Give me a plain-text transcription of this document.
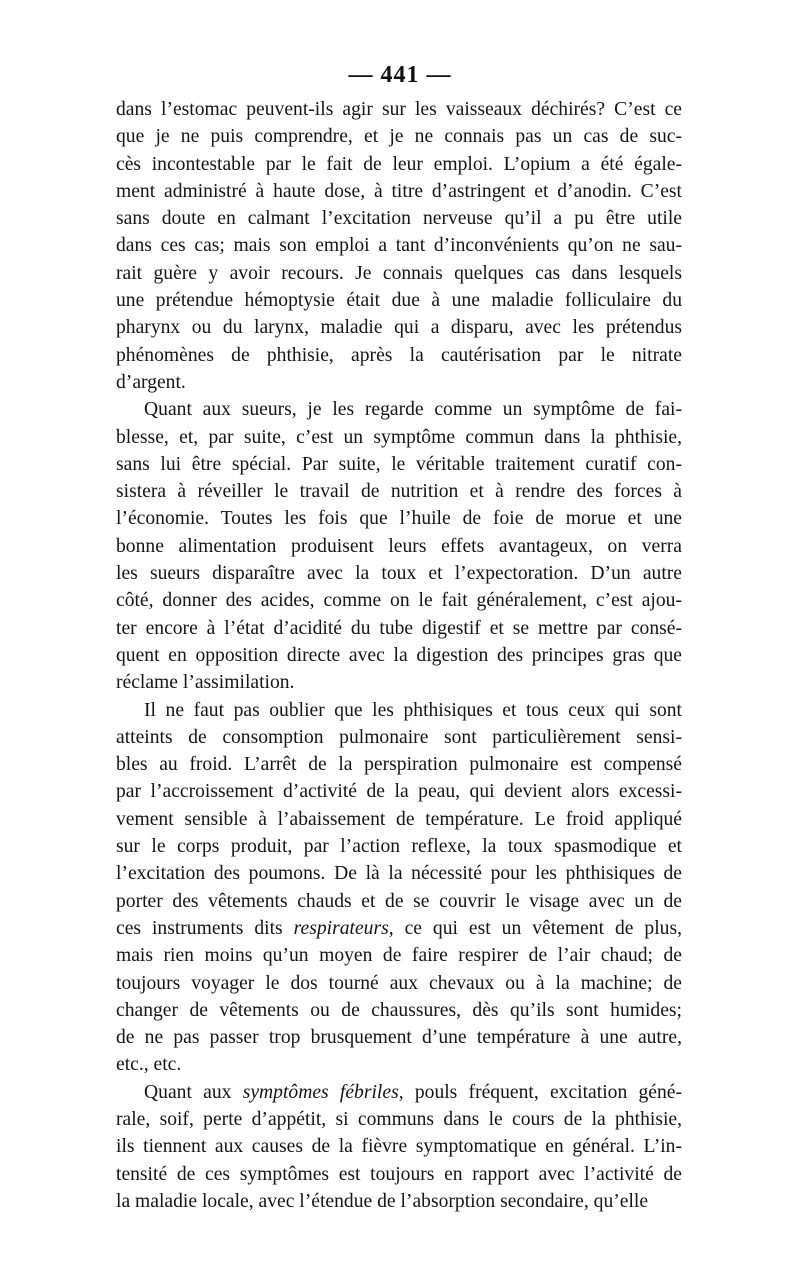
— 441 —
dans l’estomac peuvent-ils agir sur les vaisseaux déchirés? C’est ce
que je ne puis comprendre, et je ne connais pas un cas de suc-
cès incontestable par le fait de leur emploi. L’opium a été égale-
ment administré à haute dose, à titre d’astringent et d’anodin. C’est
sans doute en calmant l’excitation nerveuse qu’il a pu être utile
dans ces cas; mais son emploi a tant d’inconvénients qu’on ne sau-
rait guère y avoir recours. Je connais quelques cas dans lesquels
une prétendue hémoptysie était due à une maladie folliculaire du
pharynx ou du larynx, maladie qui a disparu, avec les prétendus
phénomènes de phthisie, après la cautérisation par le nitrate
d’argent.
Quant aux sueurs, je les regarde comme un symptôme de fai-
blesse, et, par suite, c’est un symptôme commun dans la phthisie,
sans lui être spécial. Par suite, le véritable traitement curatif con-
sistera à réveiller le travail de nutrition et à rendre des forces à
l’économie. Toutes les fois que l’huile de foie de morue et une
bonne alimentation produisent leurs effets avantageux, on verra
les sueurs disparaître avec la toux et l’expectoration. D’un autre
côté, donner des acides, comme on le fait généralement, c’est ajou-
ter encore à l’état d’acidité du tube digestif et se mettre par consé-
quent en opposition directe avec la digestion des principes gras que
réclame l’assimilation.
Il ne faut pas oublier que les phthisiques et tous ceux qui sont
atteints de consomption pulmonaire sont particulièrement sensi-
bles au froid. L’arrêt de la perspiration pulmonaire est compensé
par l’accroissement d’activité de la peau, qui devient alors excessi-
vement sensible à l’abaissement de température. Le froid appliqué
sur le corps produit, par l’action reflexe, la toux spasmodique et
l’excitation des poumons. De là la nécessité pour les phthisiques de
porter des vêtements chauds et de se couvrir le visage avec un de
ces instruments dits respirateurs, ce qui est un vêtement de plus,
mais rien moins qu’un moyen de faire respirer de l’air chaud; de
toujours voyager le dos tourné aux chevaux ou à la machine; de
changer de vêtements ou de chaussures, dès qu’ils sont humides;
de ne pas passer trop brusquement d’une température à une autre,
etc., etc.
Quant aux symptômes fébriles, pouls fréquent, excitation géné-
rale, soif, perte d’appétit, si communs dans le cours de la phthisie,
ils tiennent aux causes de la fièvre symptomatique en général. L’in-
tensité de ces symptômes est toujours en rapport avec l’activité de
la maladie locale, avec l’étendue de l’absorption secondaire, qu’elle
